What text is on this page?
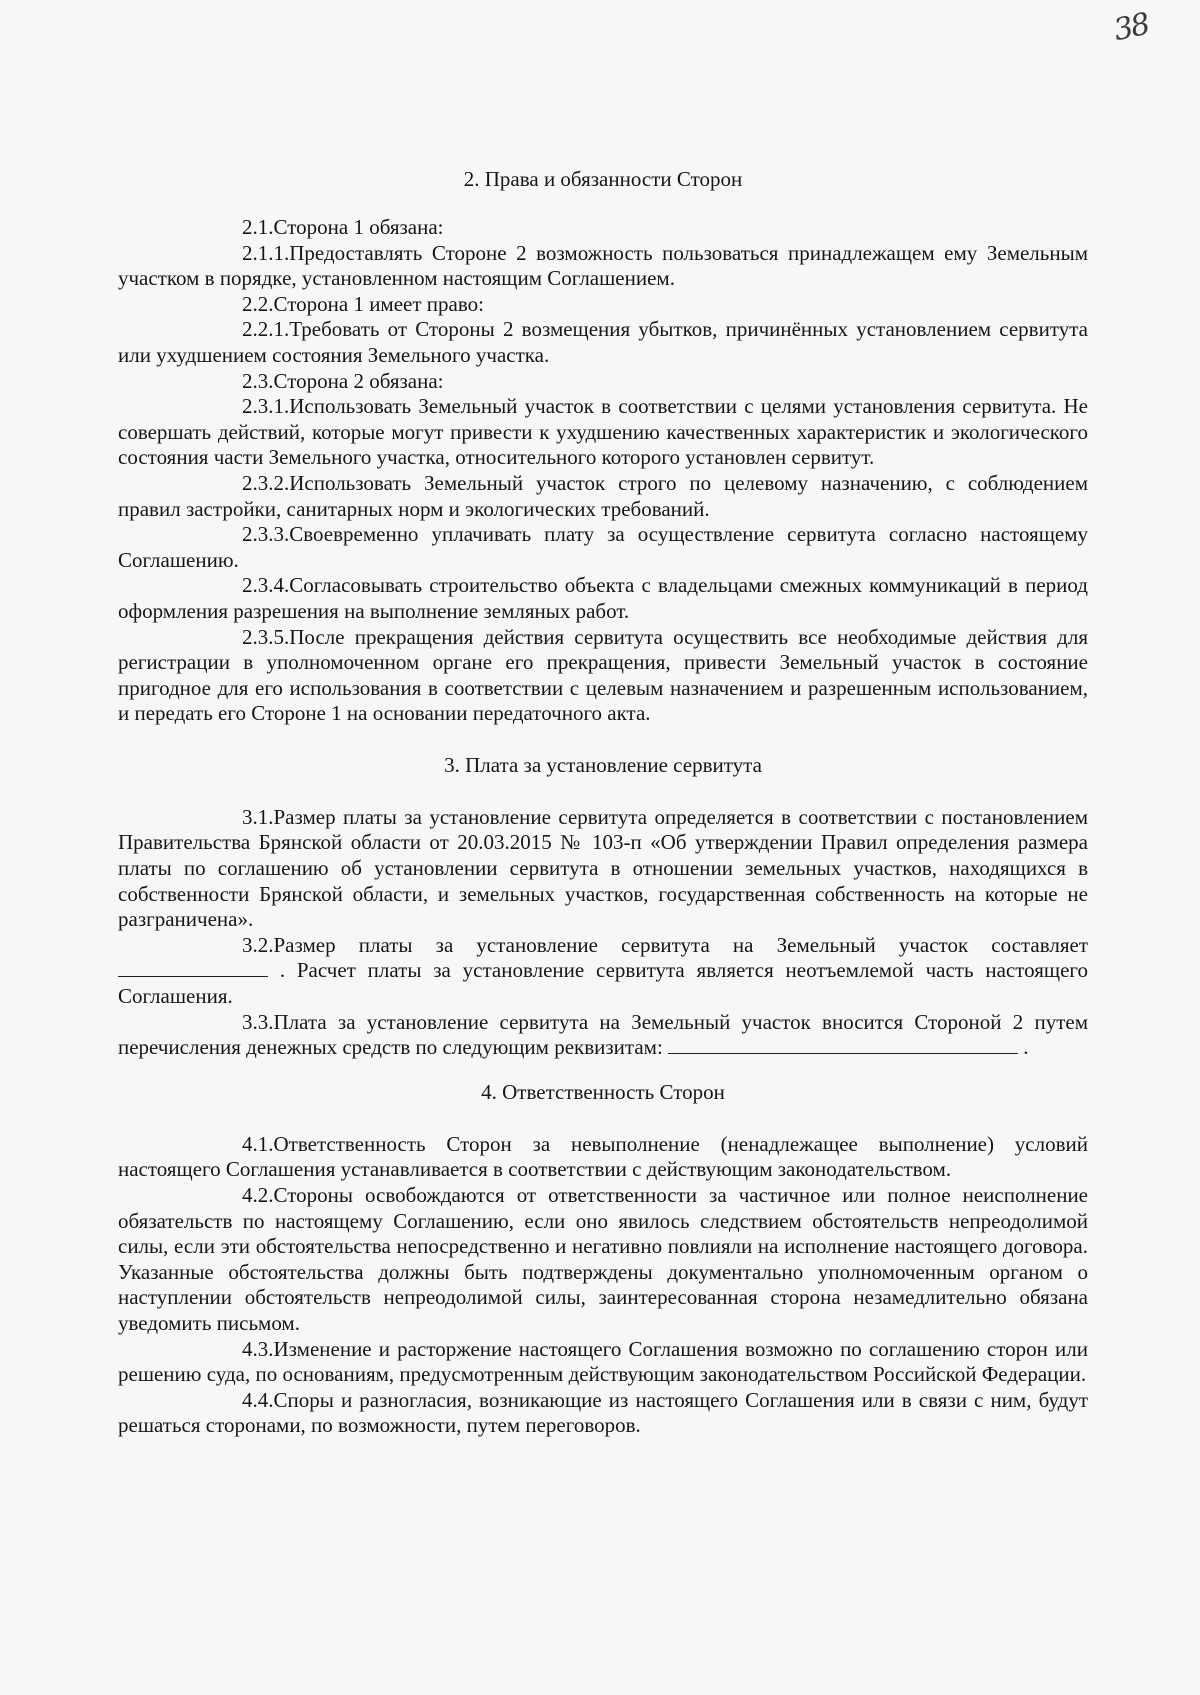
38
2. Права и обязанности Сторон

2.1.Сторона 1 обязана:

2.1.1.Предоставлять Стороне 2 возможность пользоваться принадлежащем ему Земельным участком в порядке, установленном настоящим Соглашением.

2.2.Сторона 1 имеет право:

2.2.1.Требовать от Стороны 2 возмещения убытков, причинённых установлением сервитута или ухудшением состояния Земельного участка.

2.3.Сторона 2 обязана:

2.3.1.Использовать Земельный участок в соответствии с целями установления сервитута. Не совершать действий, которые могут привести к ухудшению качественных характеристик и экологического состояния части Земельного участка, относительного которого установлен сервитут.

2.3.2.Использовать Земельный участок строго по целевому назначению, с соблюдением правил застройки, санитарных норм и экологических требований.

2.3.3.Своевременно уплачивать плату за осуществление сервитута согласно настоящему Соглашению.

2.3.4.Согласовывать строительство объекта с владельцами смежных коммуникаций в период оформления разрешения на выполнение земляных работ.

2.3.5.После прекращения действия сервитута осуществить все необходимые действия для регистрации в уполномоченном органе его прекращения, привести Земельный участок в состояние пригодное для его использования в соответствии с целевым назначением и разрешенным использованием, и передать его Стороне 1 на основании передаточного акта.

3. Плата за установление сервитута

3.1.Размер платы за установление сервитута определяется в соответствии с постановлением Правительства Брянской области от 20.03.2015 № 103-п «Об утверждении Правил определения размера платы по соглашению об установлении сервитута в отношении земельных участков, находящихся в собственности Брянской области, и земельных участков, государственная собственность на которые не разграничена».

3.2.Размер платы за установление сервитута на Земельный участок составляет  . Расчет платы за установление сервитута является неотъемлемой часть настоящего Соглашения.

3.3.Плата за установление сервитута на Земельный участок вносится Стороной 2 путем перечисления денежных средств по следующим реквизитам:	.

4. Ответственность Сторон

4.1.Ответственность Сторон за невыполнение (ненадлежащее выполнение) условий настоящего Соглашения устанавливается в соответствии с действующим законодательством.

4.2.Стороны освобождаются от ответственности за частичное или полное неисполнение обязательств по настоящему Соглашению, если оно явилось следствием обстоятельств непреодолимой силы, если эти обстоятельства непосредственно и негативно повлияли на исполнение настоящего договора. Указанные обстоятельства должны быть подтверждены документально уполномоченным органом о наступлении обстоятельств непреодолимой силы, заинтересованная сторона незамедлительно обязана уведомить письмом.

4.3.Изменение и расторжение настоящего Соглашения возможно по соглашению сторон или решению суда, по основаниям, предусмотренным действующим законодательством Российской Федерации.

4.4.Споры и разногласия, возникающие из настоящего Соглашения или в связи с ним, будут решаться сторонами, по возможности, путем переговоров.
